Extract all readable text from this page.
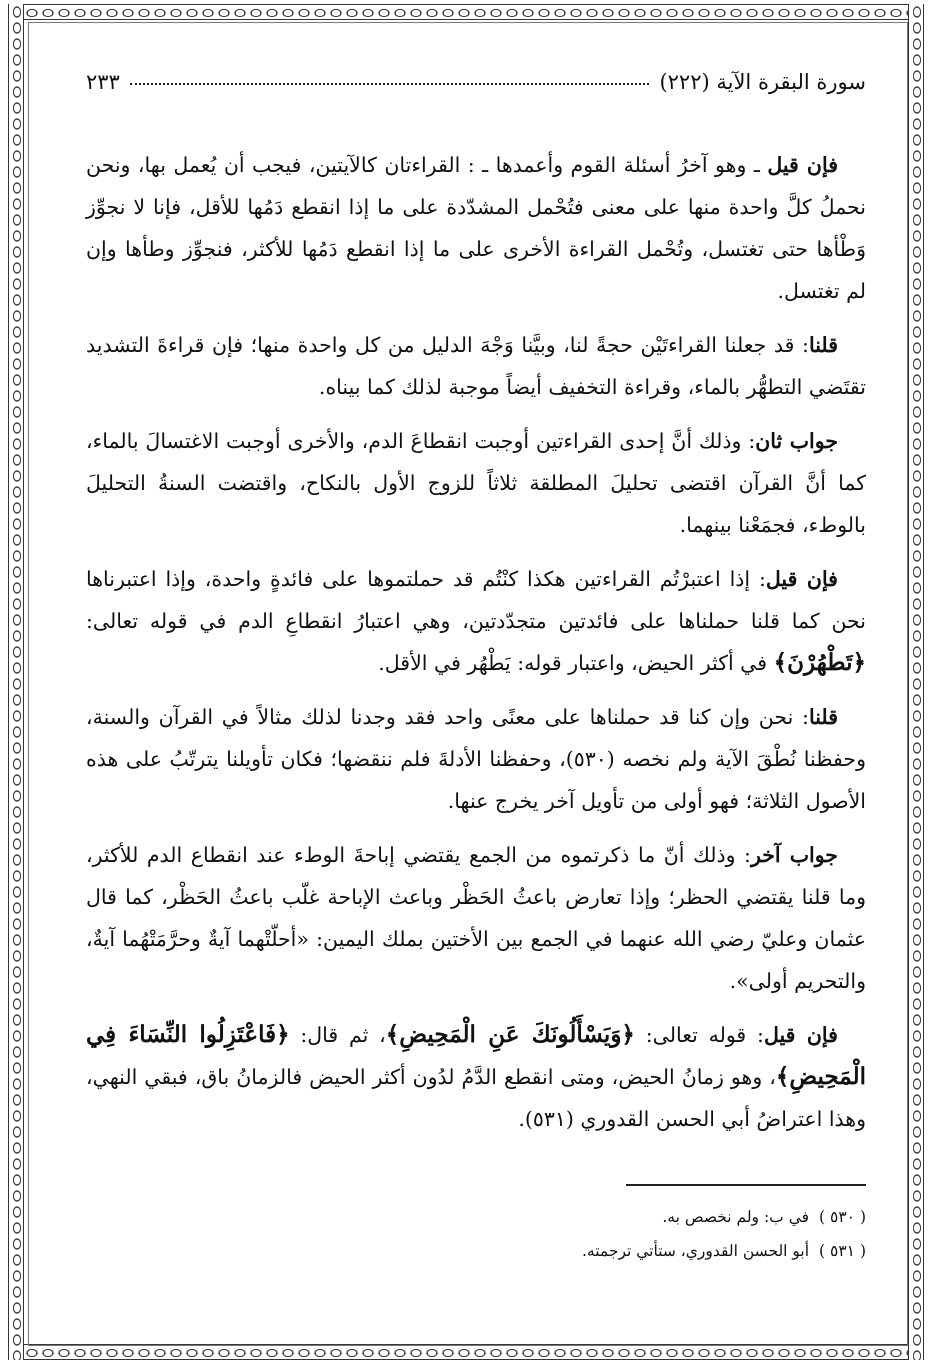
سورة البقرة الآية (٢٢٢)
٢٣٣

فإن قيل ـ وهو آخرُ أسئلة القوم وأعمدها ـ : القراءتان كالآيتين، فيجب أن يُعمل بها، ونحن نحملُ كلَّ واحدة منها على معنى فتُحْمل المشدّدة على ما إذا انقطع دَمُها للأقل، فإنا لا نجوِّز وَطْأها حتى تغتسل، وتُحْمل القراءة الأخرى على ما إذا انقطع دَمُها للأكثر، فنجوِّز وطأها وإن لم تغتسل.

قلنا: قد جعلنا القراءتَيْن حجةً لنا، وبيَّنا وَجْهَ الدليل من كل واحدة منها؛ فإن قراءةَ التشديد تقتَضي التطهُّر بالماء، وقراءة التخفيف أيضاً موجبة لذلك كما بيناه.

جواب ثان: وذلك أنَّ إحدى القراءتين أوجبت انقطاعَ الدم، والأخرى أوجبت الاغتسالَ بالماء، كما أنَّ القرآن اقتضى تحليلَ المطلقة ثلاثاً للزوج الأول بالنكاح، واقتضت السنةُ التحليلَ بالوطء، فجمَعْنا بينهما.

فإن قيل: إذا اعتبرْتُم القراءتين هكذا كنْتُم قد حملتموها على فائدةٍ واحدة، وإذا اعتبرناها نحن كما قلنا حملناها على فائدتين متجدّدتين، وهي اعتبارُ انقطاعِ الدم في قوله تعالى: ﴿تَطْهُرْنَ﴾ في أكثر الحيض، واعتبار قوله: يَطْهُر في الأقل.

قلنا: نحن وإن كنا قد حملناها على معنًى واحد فقد وجدنا لذلك مثالاً في القرآن والسنة، وحفظنا نُطْقَ الآية ولم نخصه (٥٣٠)، وحفظنا الأدلةَ فلم ننقضها؛ فكان تأويلنا يترتّبُ على هذه الأصول الثلاثة؛ فهو أولى من تأويل آخر يخرج عنها.

جواب آخر: وذلك أنّ ما ذكرتموه من الجمع يقتضي إباحةَ الوطء عند انقطاع الدم للأكثر، وما قلنا يقتضي الحظر؛ وإذا تعارض باعثُ الحَظْر وباعث الإباحة غلّب باعثُ الحَظْر، كما قال عثمان وعليّ رضي الله عنهما في الجمع بين الأختين بملك اليمين: «أحلّتْهما آيةٌ وحرَّمَتْهُما آيةٌ، والتحريم أولى».

فإن قيل: قوله تعالى: ﴿وَيَسْأَلُونَكَ عَنِ الْمَحِيضِ﴾، ثم قال: ﴿فَاعْتَزِلُوا النِّسَاءَ فِي الْمَحِيضِ﴾، وهو زمانُ الحيض، ومتى انقطع الدَّمُ لدُون أكثر الحيض فالزمانُ باق، فبقي النهي، وهذا اعتراضُ أبي الحسن القدوري (٥٣١).

( ٥٣٠ )في ب: ولم نخصص به.
( ٥٣١ )أبو الحسن القدوري، ستأتي ترجمته.
